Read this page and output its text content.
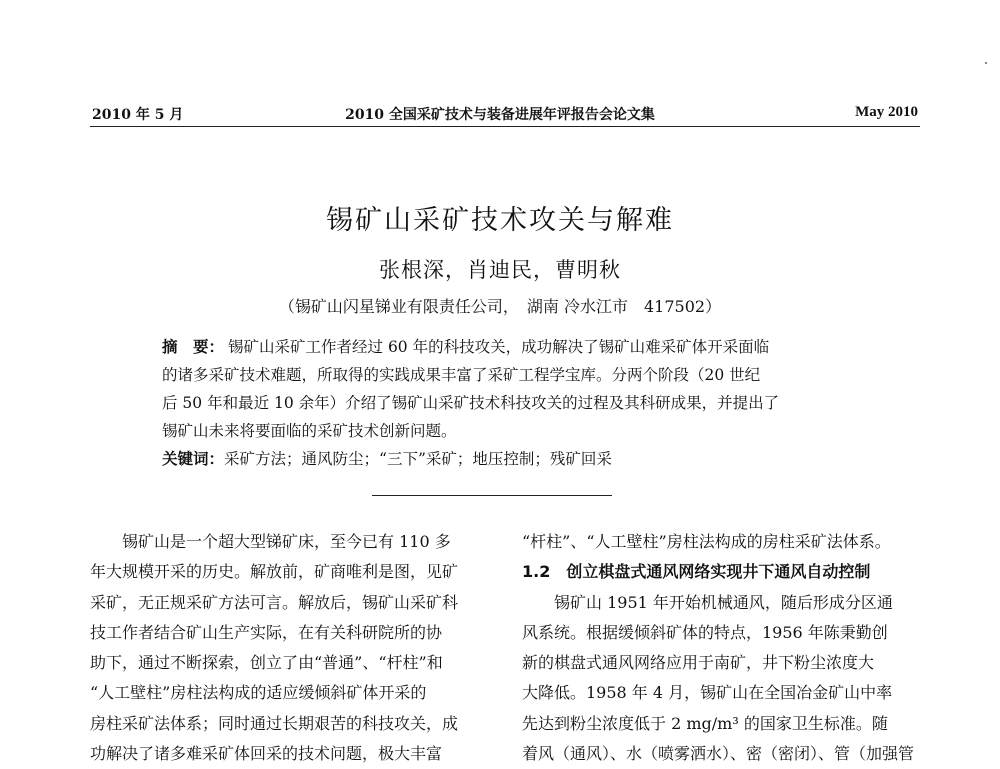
2010 年 5 月	2010 全国采矿技术与装备进展年评报告会论文集	May 2010
锡矿山采矿技术攻关与解难
张根深，肖迪民，曹明秋
（锡矿山闪星锑业有限责任公司，　湖南 冷水江市　417502）
摘　要： 锡矿山采矿工作者经过 60 年的科技攻关，成功解决了锡矿山难采矿体开采面临
的诸多采矿技术难题，所取得的实践成果丰富了采矿工程学宝库。分两个阶段（20 世纪
后 50 年和最近 10 余年）介绍了锡矿山采矿技术科技攻关的过程及其科研成果，并提出了
锡矿山未来将要面临的采矿技术创新问题。
关键词：采矿方法；通风防尘；“三下”采矿；地压控制；残矿回采
锡矿山是一个超大型锑矿床，至今已有 110 多
年大规模开采的历史。解放前，矿商唯利是图，见矿
采矿，无正规采矿方法可言。解放后，锡矿山采矿科
技工作者结合矿山生产实际，在有关科研院所的协
助下，通过不断探索，创立了由“普通”、“杆柱”和
“人工壁柱”房柱法构成的适应缓倾斜矿体开采的
房柱采矿法体系；同时通过长期艰苦的科技攻关，成
功解决了诸多难采矿体回采的技术问题，极大丰富
“杆柱”、“人工壁柱”房柱法构成的房柱采矿法体系。
1.2　创立棋盘式通风网络实现井下通风自动控制
锡矿山 1951 年开始机械通风，随后形成分区通
风系统。根据缓倾斜矿体的特点，1956 年陈秉勤创
新的棋盘式通风网络应用于南矿，井下粉尘浓度大
大降低。1958 年 4 月，锡矿山在全国冶金矿山中率
先达到粉尘浓度低于 2 mg/m³ 的国家卫生标准。随
着风（通风）、水（喷雾洒水）、密（密闭）、管（加强管
